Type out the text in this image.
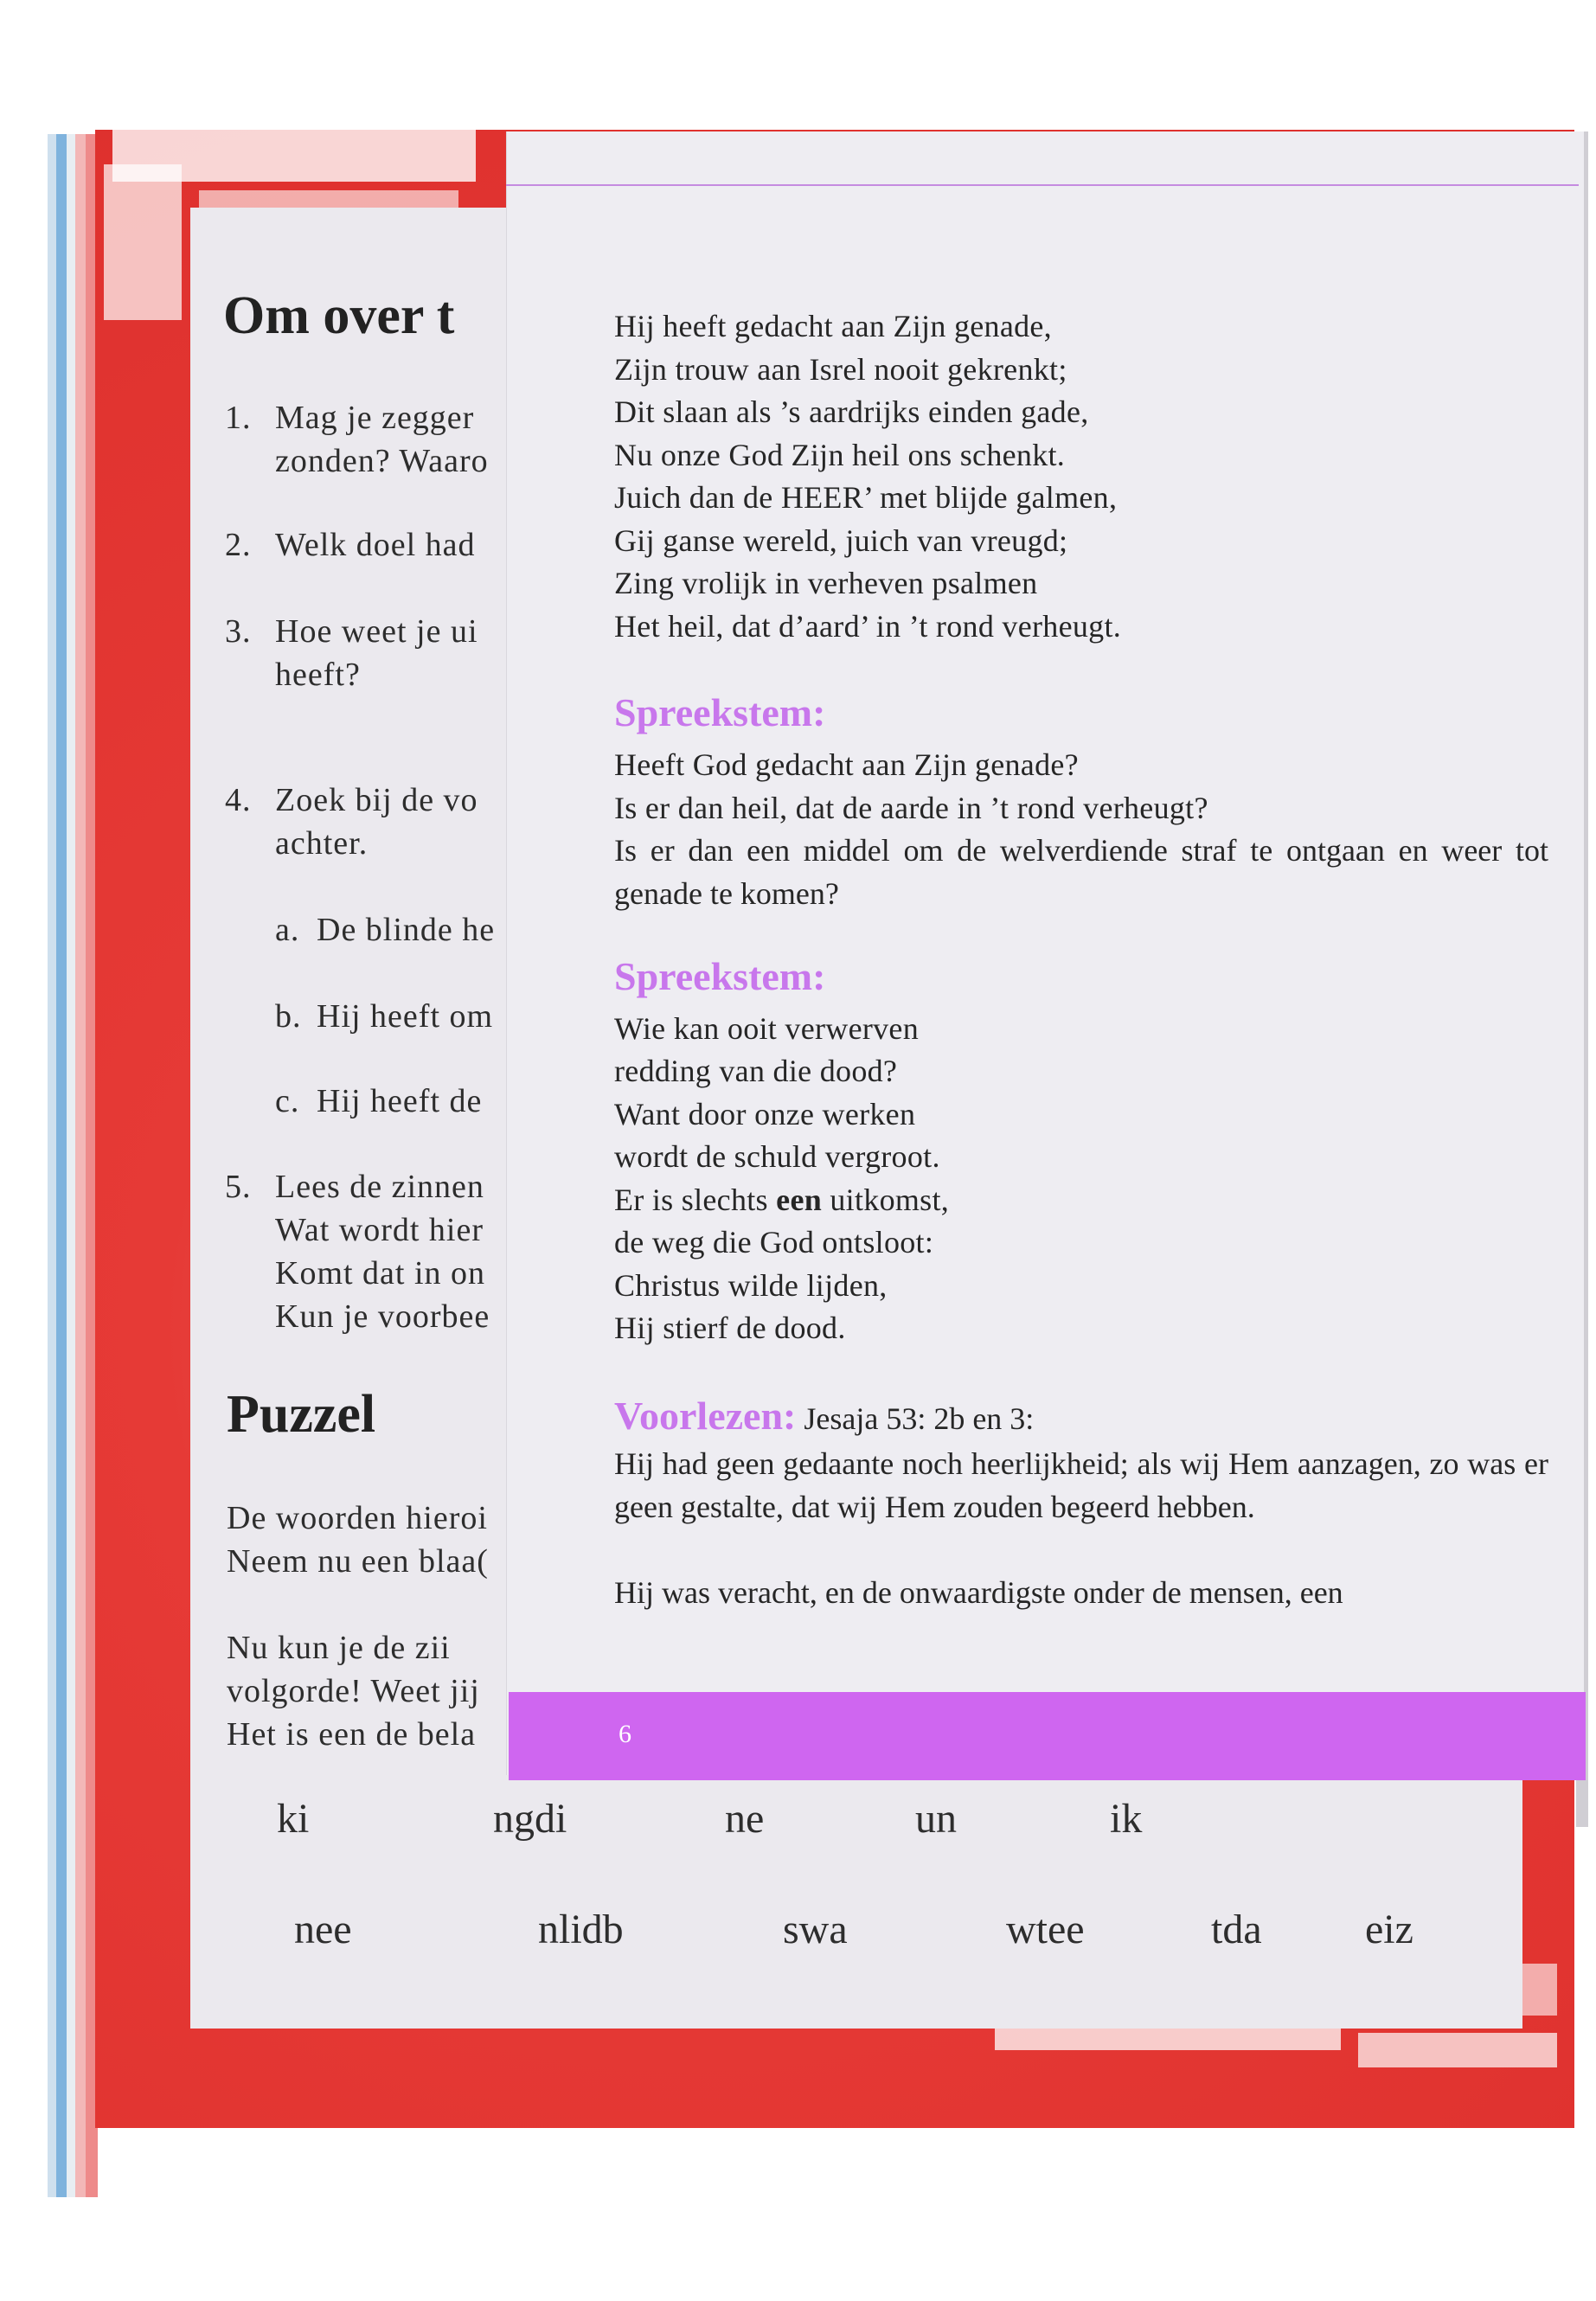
Om over t
1. Mag je zegger
zonden? Waaro
2. Welk doel had
3. Hoe weet je ui
heeft?
4. Zoek bij de vo
achter.
a. De blinde he
b. Hij heeft om
c. Hij heeft de
5. Lees de zinnen
Wat wordt hier
Komt dat in on
Kun je voorbee
Puzzel
De woorden hieroi
Neem nu een blaa(
Nu kun je de zii
volgorde! Weet jij
Het is een de bela
ki	ngdi	ne	un	ik
nee	nlidb	swa	wtee	tda eiz
6
Hij heeft gedacht aan Zijn genade,
Zijn trouw aan Isrel nooit gekrenkt;
Dit slaan als ’s aardrijks einden gade,
Nu onze God Zijn heil ons schenkt.
Juich dan de HEER’ met blijde galmen,
Gij ganse wereld, juich van vreugd;
Zing vrolijk in verheven psalmen
Het heil, dat d’aard’ in ’t rond verheugt.
Spreekstem:
Heeft God gedacht aan Zijn genade?
Is er dan heil, dat de aarde in ’t rond verheugt?
Is er dan een middel om de welverdiende straf te ontgaan en weer tot genade te komen?
Spreekstem:
Wie kan ooit verwerven
redding van die dood?
Want door onze werken
wordt de schuld vergroot.
Er is slechts een uitkomst,
de weg die God ontsloot:
Christus wilde lijden,
Hij stierf de dood.
Voorlezen: Jesaja 53: 2b en 3:
Hij had geen gedaante noch heerlijkheid; als wij Hem aanzagen, zo was er geen gestalte, dat wij Hem zouden begeerd hebben.
Hij was veracht, en de onwaardigste onder de mensen, een
